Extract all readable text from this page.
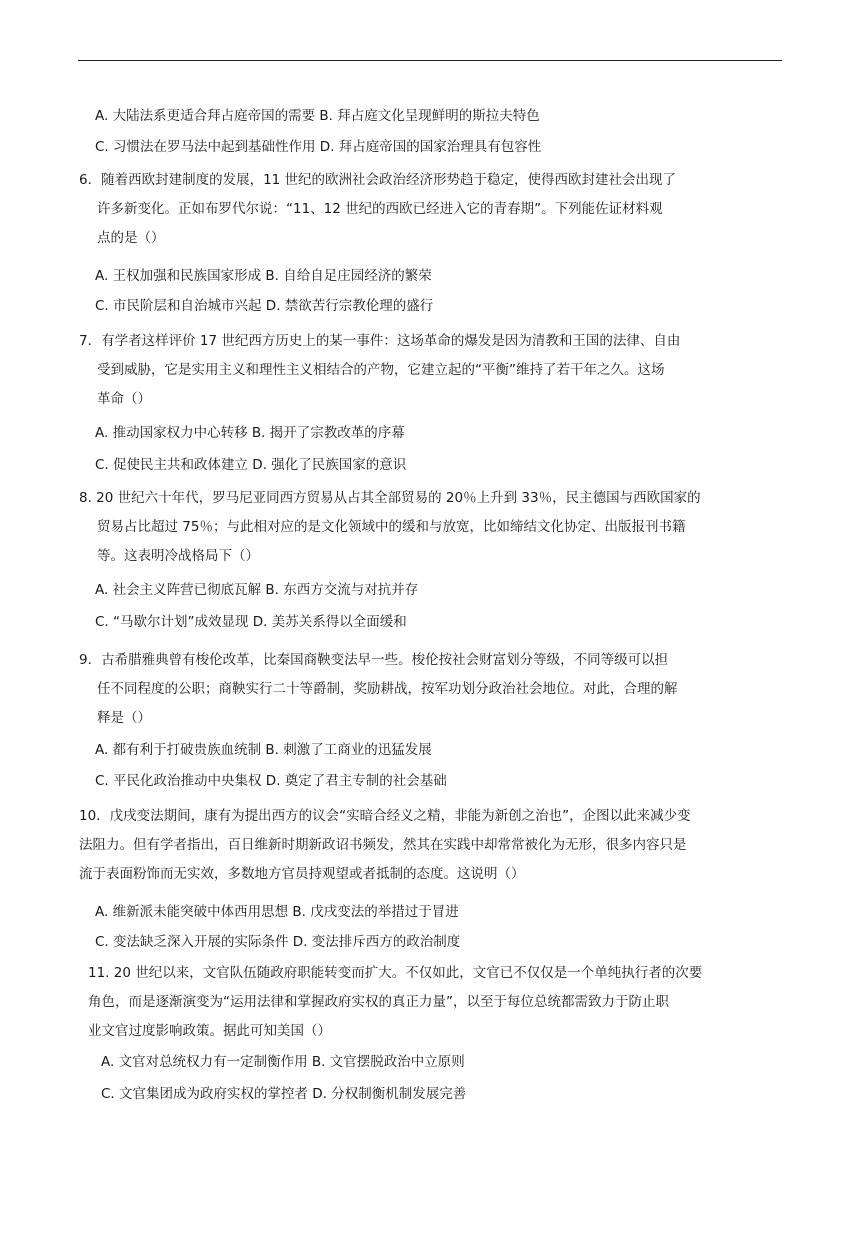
A. 大陆法系更适合拜占庭帝国的需要 B. 拜占庭文化呈现鲜明的斯拉夫特色
C. 习惯法在罗马法中起到基础性作用 D. 拜占庭帝国的国家治理具有包容性
6．随着西欧封建制度的发展，11 世纪的欧洲社会政治经济形势趋于稳定，使得西欧封建社会出现了
许多新变化。正如布罗代尔说：“11、12 世纪的西欧已经进入它的青春期”。下列能佐证材料观
点的是（）
A. 王权加强和民族国家形成 B. 自给自足庄园经济的繁荣
C. 市民阶层和自治城市兴起 D. 禁欲苦行宗教伦理的盛行
7．有学者这样评价 17 世纪西方历史上的某一事件：这场革命的爆发是因为清教和王国的法律、自由
受到威胁，它是实用主义和理性主义相结合的产物，它建立起的“平衡”维持了若干年之久。这场
革命（）
A. 推动国家权力中心转移 B. 揭开了宗教改革的序幕
C. 促使民主共和政体建立 D. 强化了民族国家的意识
8. 20 世纪六十年代，罗马尼亚同西方贸易从占其全部贸易的 20％上升到 33％，民主德国与西欧国家的
贸易占比超过 75％；与此相对应的是文化领域中的缓和与放宽，比如缔结文化协定、出版报刊书籍
等。这表明冷战格局下（）
A. 社会主义阵营已彻底瓦解 B. 东西方交流与对抗并存
C. “马歇尔计划”成效显现 D. 美苏关系得以全面缓和
9．古希腊雅典曾有梭伦改革，比秦国商鞅变法早一些。梭伦按社会财富划分等级，不同等级可以担
任不同程度的公职；商鞅实行二十等爵制，奖励耕战，按军功划分政治社会地位。对此，合理的解
释是（）
A. 都有利于打破贵族血统制 B. 刺激了工商业的迅猛发展
C. 平民化政治推动中央集权 D. 奠定了君主专制的社会基础
10．戊戌变法期间，康有为提出西方的议会“实暗合经义之精，非能为新创之治也”，企图以此来减少变
法阻力。但有学者指出，百日维新时期新政诏书频发，然其在实践中却常常被化为无形，很多内容只是
流于表面粉饰而无实效，多数地方官员持观望或者抵制的态度。这说明（）
A. 维新派未能突破中体西用思想 B. 戊戌变法的举措过于冒进
C. 变法缺乏深入开展的实际条件 D. 变法排斥西方的政治制度
11. 20 世纪以来，文官队伍随政府职能转变而扩大。不仅如此，文官已不仅仅是一个单纯执行者的次要
角色，而是逐渐演变为“运用法律和掌握政府实权的真正力量”，以至于每位总统都需致力于防止职
业文官过度影响政策。据此可知美国（）
A. 文官对总统权力有一定制衡作用 B. 文官摆脱政治中立原则
C. 文官集团成为政府实权的掌控者 D. 分权制衡机制发展完善
